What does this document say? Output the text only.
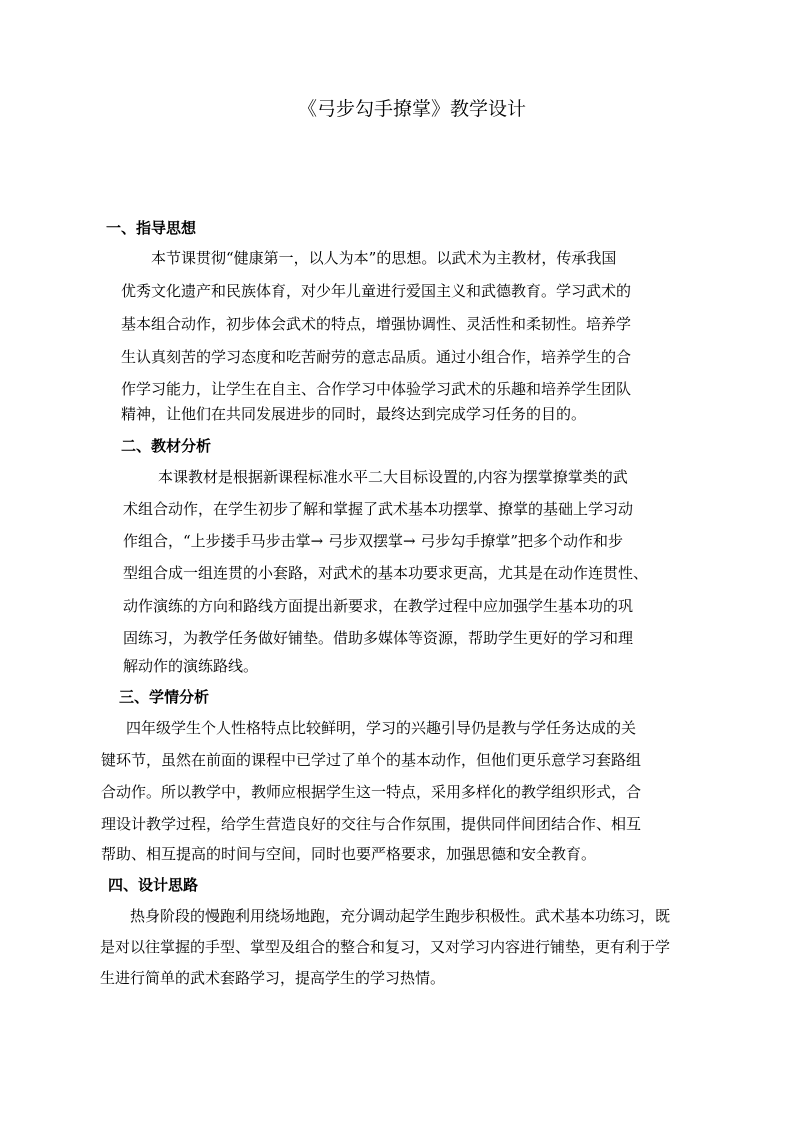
《弓步勾手撩掌》教学设计
一、指导思想
本节课贯彻“健康第一，以人为本”的思想。以武术为主教材，传承我国
优秀文化遗产和民族体育，对少年儿童进行爱国主义和武德教育。学习武术的
基本组合动作，初步体会武术的特点，增强协调性、灵活性和柔韧性。培养学
生认真刻苦的学习态度和吃苦耐劳的意志品质。通过小组合作，培养学生的合
作学习能力，让学生在自主、合作学习中体验学习武术的乐趣和培养学生团队
精神，让他们在共同发展进步的同时，最终达到完成学习任务的目的。
二、教材分析
本课教材是根据新课程标准水平二大目标设置的,内容为摆掌撩掌类的武
术组合动作，在学生初步了解和掌握了武术基本功摆掌、撩掌的基础上学习动
作组合，“上步搂手马步击掌→ 弓步双摆掌→ 弓步勾手撩掌”把多个动作和步
型组合成一组连贯的小套路，对武术的基本功要求更高，尤其是在动作连贯性、
动作演练的方向和路线方面提出新要求，在教学过程中应加强学生基本功的巩
固练习，为教学任务做好铺垫。借助多媒体等资源，帮助学生更好的学习和理
解动作的演练路线。
三、学情分析
四年级学生个人性格特点比较鲜明，学习的兴趣引导仍是教与学任务达成的关
键环节，虽然在前面的课程中已学过了单个的基本动作，但他们更乐意学习套路组
合动作。所以教学中，教师应根据学生这一特点，采用多样化的教学组织形式，合
理设计教学过程，给学生营造良好的交往与合作氛围，提供同伴间团结合作、相互
帮助、相互提高的时间与空间，同时也要严格要求，加强思德和安全教育。
四、设计思路
热身阶段的慢跑利用绕场地跑，充分调动起学生跑步积极性。武术基本功练习，既
是对以往掌握的手型、掌型及组合的整合和复习，又对学习内容进行铺垫，更有利于学
生进行简单的武术套路学习，提高学生的学习热情。
